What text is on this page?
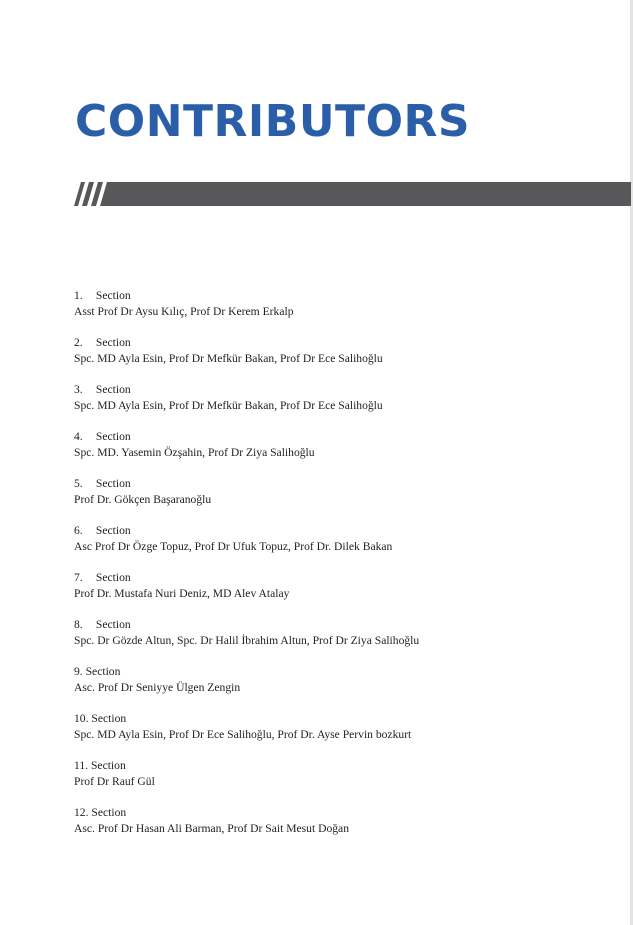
CONTRIBUTORS
1. Section
Asst Prof Dr Aysu Kılıç, Prof Dr Kerem Erkalp
2. Section
Spc. MD Ayla Esin, Prof Dr Mefkür Bakan, Prof Dr Ece Salihoğlu
3. Section
Spc. MD Ayla Esin, Prof Dr Mefkür Bakan, Prof Dr Ece Salihoğlu
4. Section
Spc. MD. Yasemin Özşahin, Prof Dr Ziya Salihoğlu
5. Section
Prof Dr. Gökçen Başaranoğlu
6. Section
Asc Prof Dr Özge Topuz, Prof Dr Ufuk Topuz, Prof Dr. Dilek Bakan
7. Section
Prof Dr. Mustafa Nuri Deniz, MD Alev Atalay
8. Section
Spc. Dr Gözde Altun, Spc. Dr Halil İbrahim Altun, Prof Dr Ziya Salihoğlu
9. Section
Asc. Prof Dr Seniyye Ülgen Zengin
10. Section
Spc. MD Ayla Esin, Prof Dr Ece Salihoğlu, Prof Dr. Ayse Pervin bozkurt
11. Section
Prof Dr Rauf Gül
12. Section
Asc. Prof Dr Hasan Ali Barman, Prof Dr Sait Mesut Doğan
